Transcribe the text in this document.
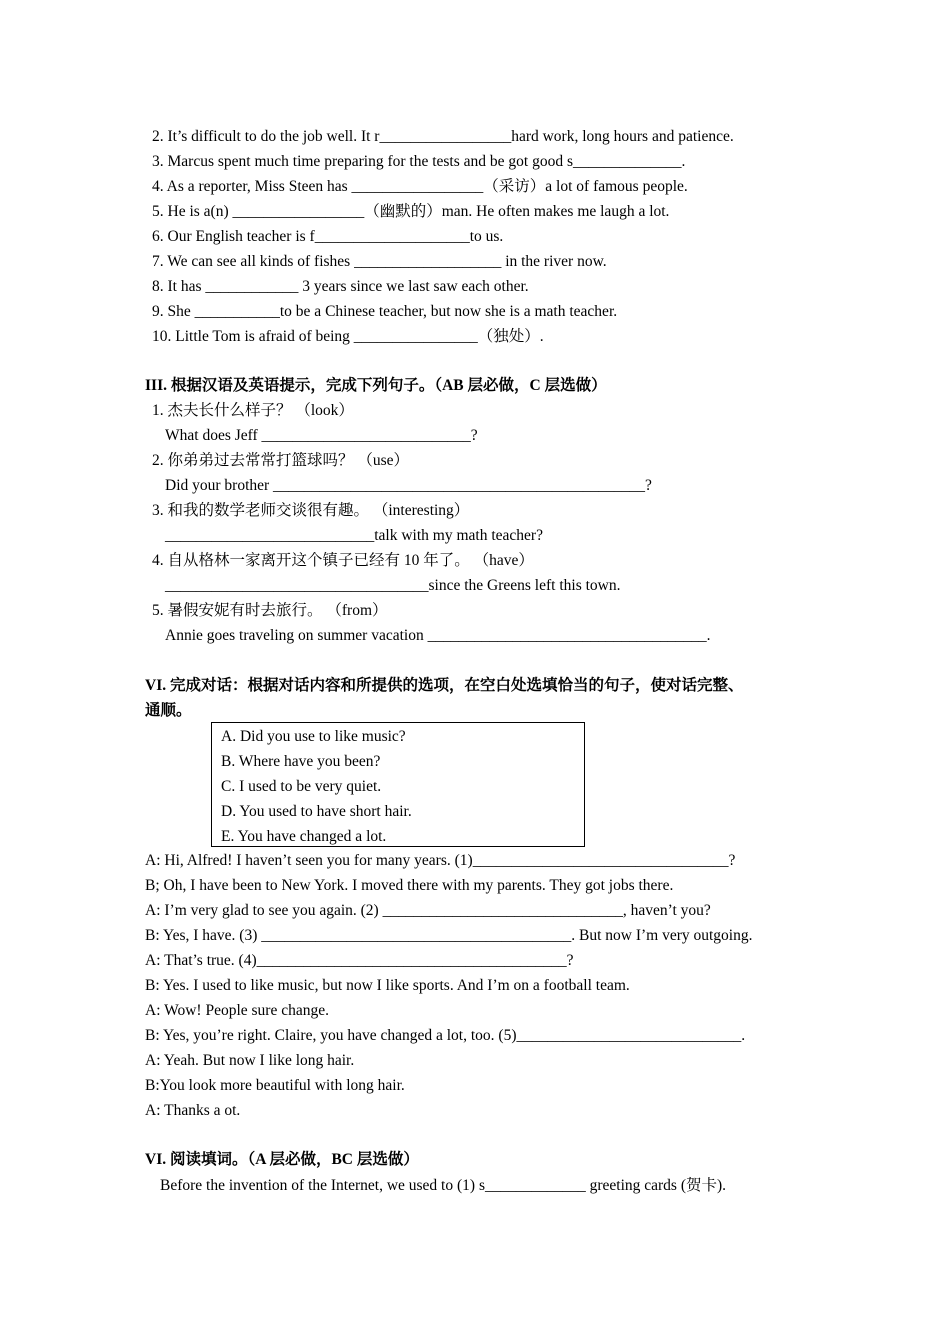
2. It’s difficult to do the job well. It r_________________hard work, long hours and patience.
3. Marcus spent much time preparing for the tests and be got good s______________.
4. As a reporter, Miss Steen has _________________（采访）a lot of famous people.
5. He is a(n) _________________（幽默的）man. He often makes me laugh a lot.
6. Our English teacher is f____________________to us.
7. We can see all kinds of fishes ___________________ in the river now.
8. It has ____________ 3 years since we last saw each other.
9. She ___________to be a Chinese teacher, but now she is a math teacher.
10. Little Tom is afraid of being ________________（独处）.
III. 根据汉语及英语提示，完成下列句子。（AB 层必做，C 层选做）
1. 杰夫长什么样子？ （look）
What does Jeff ___________________________?
2. 你弟弟过去常常打篮球吗？ （use）
Did your brother ________________________________________________?
3. 和我的数学老师交谈很有趣。 （interesting）
___________________________talk with my math teacher?
4. 自从格林一家离开这个镇子已经有 10 年了。 （have）
__________________________________since the Greens left this town.
5. 暑假安妮有时去旅行。 （from）
Annie goes traveling on summer vacation ____________________________________.
VI. 完成对话：根据对话内容和所提供的选项，在空白处选填恰当的句子，使对话完整、
通顺。
A. Did you use to like music?
B. Where have you been?
C. I used to be very quiet.
D. You used to have short hair.
E. You have changed a lot.
A: Hi, Alfred! I haven’t seen you for many years. (1)_________________________________?
B; Oh, I have been to New York. I moved there with my parents. They got jobs there.
A: I’m very glad to see you again. (2) _______________________________, haven’t you?
B: Yes, I have. (3) ________________________________________. But now I’m very outgoing.
A: That’s true. (4)________________________________________?
B: Yes. I used to like music, but now I like sports. And I’m on a football team.
A: Wow! People sure change.
B: Yes, you’re right. Claire, you have changed a lot, too. (5)_____________________________.
A: Yeah. But now I like long hair.
B:You look more beautiful with long hair.
A: Thanks a ot.
VI. 阅读填词。（A 层必做，BC 层选做）
Before the invention of the Internet, we used to (1) s_____________ greeting cards (贺卡).
